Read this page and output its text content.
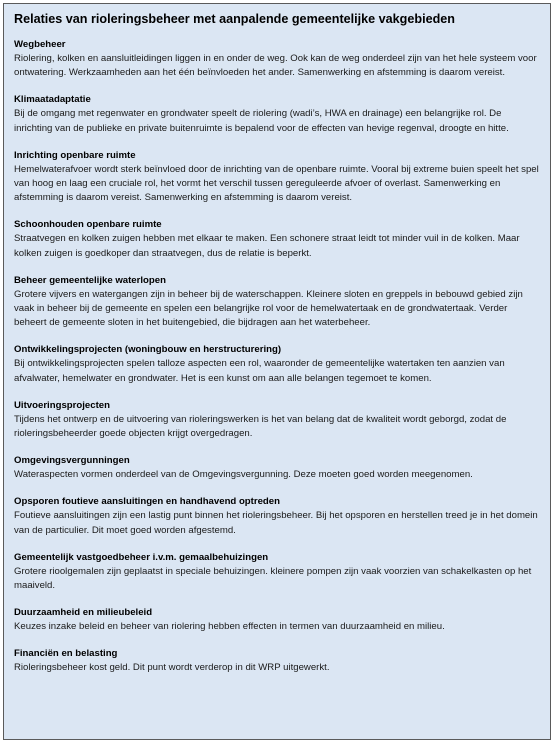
Relaties van rioleringsbeheer met aanpalende gemeentelijke vakgebieden
Wegbeheer
Riolering, kolken en aansluitleidingen liggen in en onder de weg. Ook kan de weg onderdeel zijn van het hele systeem voor ontwatering. Werkzaamheden aan het één beïnvloeden het ander. Samenwerking en afstemming is daarom vereist.
Klimaatadaptatie
Bij de omgang met regenwater en grondwater speelt de riolering (wadi’s, HWA en drainage) een belangrijke rol. De inrichting van de publieke en private buitenruimte is bepalend voor de effecten van hevige regenval, droogte en hitte.
Inrichting openbare ruimte
Hemelwaterafvoer wordt sterk beïnvloed door de inrichting van de openbare ruimte. Vooral bij extreme buien speelt het spel van hoog en laag een cruciale rol, het vormt het verschil tussen gereguleerde afvoer of overlast. Samenwerking en afstemming is daarom vereist. Samenwerking en afstemming is daarom vereist.
Schoonhouden openbare ruimte
Straatvegen en kolken zuigen hebben met elkaar te maken. Een schonere straat leidt tot minder vuil in de kolken. Maar kolken zuigen is goedkoper dan straatvegen, dus de relatie is beperkt.
Beheer gemeentelijke waterlopen
Grotere vijvers en watergangen zijn in beheer bij de waterschappen. Kleinere sloten en greppels in bebouwd gebied zijn vaak in beheer bij de gemeente en spelen een belangrijke rol voor de hemelwatertaak en de grondwatertaak. Verder beheert de gemeente sloten in het buitengebied, die bijdragen aan het waterbeheer.
Ontwikkelingsprojecten (woningbouw en herstructurering)
Bij ontwikkelingsprojecten spelen talloze aspecten een rol, waaronder de gemeentelijke watertaken ten aanzien van afvalwater, hemelwater en grondwater. Het is een kunst om aan alle belangen tegemoet te komen.
Uitvoeringsprojecten
Tijdens het ontwerp en de uitvoering van rioleringswerken is het van belang dat de kwaliteit wordt geborgd, zodat de rioleringsbeheerder goede objecten krijgt overgedragen.
Omgevingsvergunningen
Wateraspecten vormen onderdeel van de Omgevingsvergunning. Deze moeten goed worden meegenomen.
Opsporen foutieve aansluitingen en handhavend optreden
Foutieve aansluitingen zijn een lastig punt binnen het rioleringsbeheer. Bij het opsporen en herstellen treed je in het domein van de particulier. Dit moet goed worden afgestemd.
Gemeentelijk vastgoedbeheer i.v.m. gemaalbehuizingen
Grotere rioolgemalen zijn geplaatst in speciale behuizingen. kleinere pompen zijn vaak voorzien van schakelkasten op het maaiveld.
Duurzaamheid en milieubeleid
Keuzes inzake beleid en beheer van riolering hebben effecten in termen van duurzaamheid en milieu.
Financiën en belasting
Rioleringsbeheer kost geld. Dit punt wordt verderop in dit WRP uitgewerkt.
